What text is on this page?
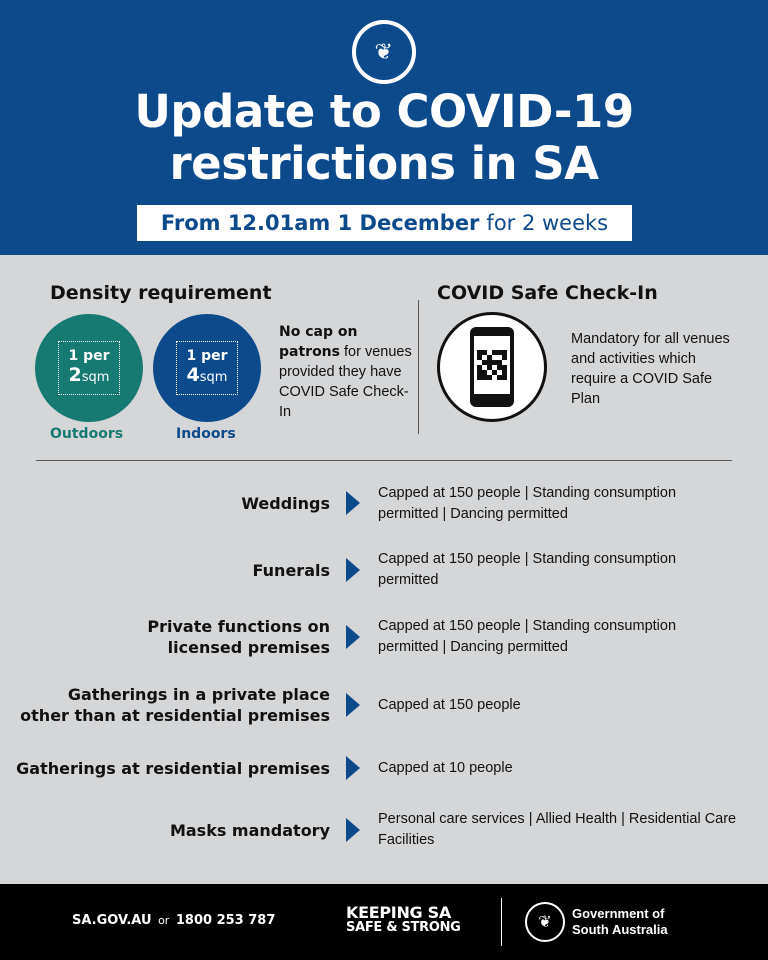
❦
Update to COVID-19
restrictions in SA
From 12.01am 1 December for 2 weeks
Density requirement
1 per
2sqm
Outdoors
1 per
4sqm
Indoors
No cap on patrons for venues provided they have COVID Safe Check-In
COVID Safe Check-In
Mandatory for all venues and activities which require a COVID Safe Plan
Weddings
Capped at 150 people | Standing consumption permitted | Dancing permitted
Funerals
Capped at 150 people | Standing consumption permitted
Private functions on
licensed premises
Capped at 150 people | Standing consumption permitted | Dancing permitted
Gatherings in a private place
other than at residential premises
Capped at 150 people
Gatherings at residential premises	Capped at 10 people
Masks mandatory
Personal care services | Allied Health | Residential Care Facilities
SA.GOV.AU or 1800 253 787	KEEPING SA
SAFE & STRONG	❦
Government of
South Australia
